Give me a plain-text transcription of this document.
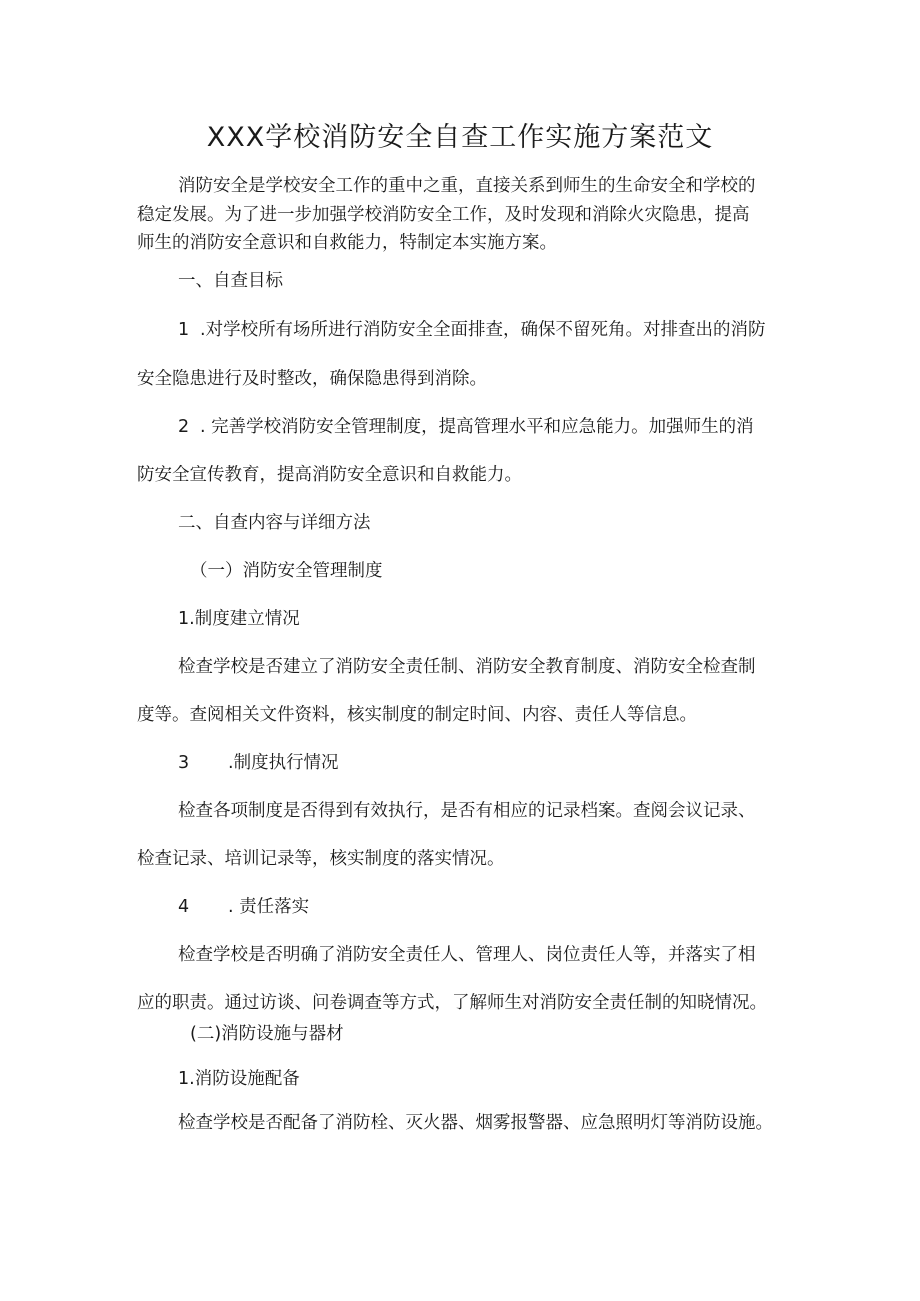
XXX学校消防安全自查工作实施方案范文
消防安全是学校安全工作的重中之重，直接关系到师生的生命安全和学校的
稳定发展。为了进一步加强学校消防安全工作，及时发现和消除火灾隐患，提高
师生的消防安全意识和自救能力，特制定本实施方案。
一、自查目标
1 .对学校所有场所进行消防安全全面排查，确保不留死角。对排查出的消防
安全隐患进行及时整改，确保隐患得到消除。
2 . 完善学校消防安全管理制度，提高管理水平和应急能力。加强师生的消
防安全宣传教育，提高消防安全意识和自救能力。
二、自查内容与详细方法
（一）消防安全管理制度
1.制度建立情况
检查学校是否建立了消防安全责任制、消防安全教育制度、消防安全检查制
度等。查阅相关文件资料，核实制度的制定时间、内容、责任人等信息。
3 .制度执行情况
检查各项制度是否得到有效执行，是否有相应的记录档案。查阅会议记录、
检查记录、培训记录等，核实制度的落实情况。
4 . 责任落实
检查学校是否明确了消防安全责任人、管理人、岗位责任人等，并落实了相
应的职责。通过访谈、问卷调查等方式，了解师生对消防安全责任制的知晓情况。
(二)消防设施与器材
1.消防设施配备
检查学校是否配备了消防栓、灭火器、烟雾报警器、应急照明灯等消防设施。
